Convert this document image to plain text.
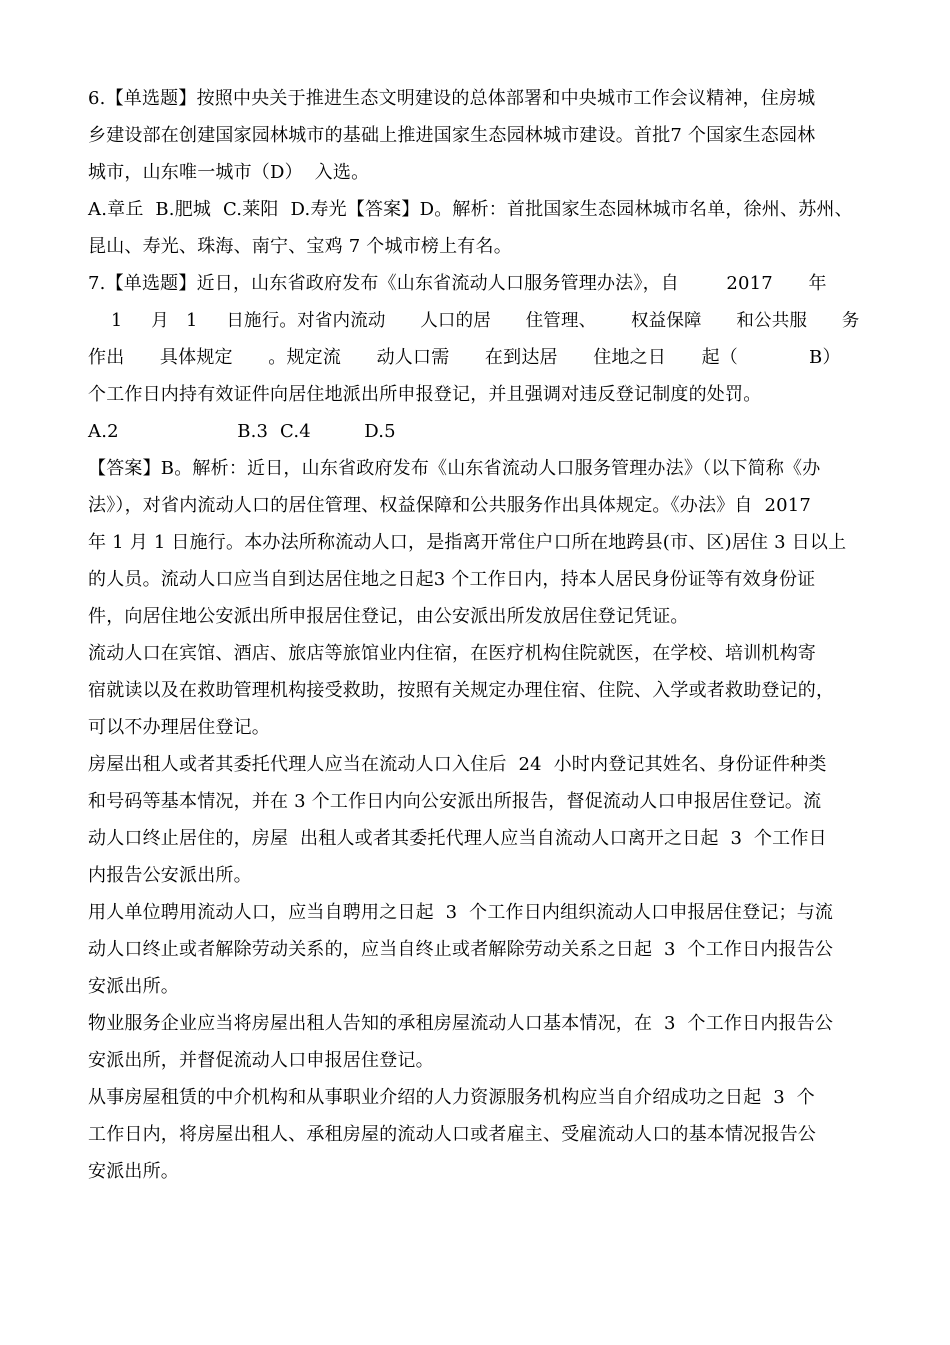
6.【单选题】按照中央关于推进生态文明建设的总体部署和中央城市工作会议精神，住房城
乡建设部在创建国家园林城市的基础上推进国家生态园林城市建设。首批7 个国家生态园林
城市，山东唯一城市（D）  入选。
A.章丘  B.肥城  C.莱阳  D.寿光【答案】D。解析：首批国家生态园林城市名单，徐州、苏州、
昆山、寿光、珠海、南宁、宝鸡 7 个城市榜上有名。
7.【单选题】近日，山东省政府发布《山东省流动人口服务管理办法》，自        2017      年
1     月   1     日施行。对省内流动      人口的居      住管理、      权益保障      和公共服      务
作出      具体规定      。规定流      动人口需      在到达居      住地之日      起（            B）
个工作日内持有效证件向居住地派出所申报登记，并且强调对违反登记制度的处罚。
A.2                    B.3  C.4         D.5
【答案】B。解析：近日，山东省政府发布《山东省流动人口服务管理办法》（以下简称《办
法》），对省内流动人口的居住管理、权益保障和公共服务作出具体规定。《办法》自  2017
年 1 月 1 日施行。本办法所称流动人口，是指离开常住户口所在地跨县(市、区)居住 3 日以上
的人员。流动人口应当自到达居住地之日起3 个工作日内，持本人居民身份证等有效身份证
件，向居住地公安派出所申报居住登记，由公安派出所发放居住登记凭证。
流动人口在宾馆、酒店、旅店等旅馆业内住宿，在医疗机构住院就医，在学校、培训机构寄
宿就读以及在救助管理机构接受救助，按照有关规定办理住宿、住院、入学或者救助登记的，
可以不办理居住登记。
房屋出租人或者其委托代理人应当在流动人口入住后  24  小时内登记其姓名、身份证件种类
和号码等基本情况，并在 3 个工作日内向公安派出所报告，督促流动人口申报居住登记。流
动人口终止居住的，房屋  出租人或者其委托代理人应当自流动人口离开之日起  3  个工作日
内报告公安派出所。
用人单位聘用流动人口，应当自聘用之日起  3  个工作日内组织流动人口申报居住登记；与流
动人口终止或者解除劳动关系的，应当自终止或者解除劳动关系之日起  3  个工作日内报告公
安派出所。
物业服务企业应当将房屋出租人告知的承租房屋流动人口基本情况，在  3  个工作日内报告公
安派出所，并督促流动人口申报居住登记。
从事房屋租赁的中介机构和从事职业介绍的人力资源服务机构应当自介绍成功之日起  3  个
工作日内，将房屋出租人、承租房屋的流动人口或者雇主、受雇流动人口的基本情况报告公
安派出所。
